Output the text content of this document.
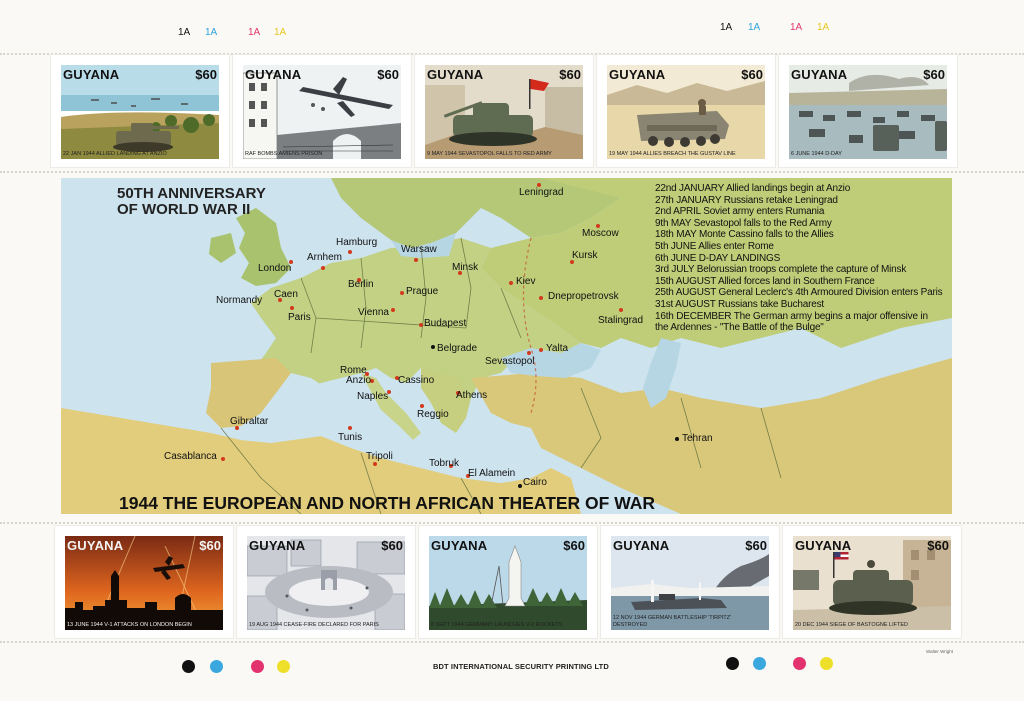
1A 1A	1A 1A	1A 1A	1A 1A
GUYANA	$60
22 JAN 1944 ALLIED LANDING AT ANZIO
GUYANA	$60
RAF BOMBS AMIENS PRISON
GUYANA	$60
9 MAY 1944 SEVASTOPOL FALLS TO RED ARMY
GUYANA	$60
19 MAY 1944 ALLIES BREACH THE GUSTAV LINE
GUYANA	$60
6 JUNE 1944 D-DAY
50TH ANNIVERSARY
OF WORLD WAR II
22nd JANUARY Allied landings begin at Anzio
27th JANUARY Russians retake Leningrad
2nd APRIL Soviet army enters Rumania
9th MAY Sevastopol falls to the Red Army
18th MAY Monte Cassino falls to the Allies
5th JUNE Allies enter Rome
6th JUNE D-DAY LANDINGS
3rd JULY Belorussian troops complete the capture of Minsk
15th AUGUST Allied forces land in Southern France
25th AUGUST General Leclerc's 4th Armoured Division enters Paris
31st AUGUST Russians take Bucharest
16th DECEMBER The German army begins a major offensive in
the Ardennes - "The Battle of the Bulge"
Leningrad
Moscow
London
Hamburg
Arnhem
Warsaw
Minsk
Kursk
Kiev
Berlin
Prague
Caen
Normandy
Paris	Vienna
Dnepropetrovsk
Stalingrad
Budapest
Belgrade	Yalta
Sevastopol
Rome
Anzio	Cassino
Naples	Athens
Reggio
Gibraltar
Tunis
Tripoli
Casablanca
Tobruk
El Alamein
Cairo
Tehran
1944 THE EUROPEAN AND NORTH AFRICAN THEATER OF WAR
GUYANA	$60
13 JUNE 1944 V-1 ATTACKS ON LONDON BEGIN
GUYANA	$60
19 AUG 1944 CEASE-FIRE DECLARED FOR PARIS
GUYANA	$60
8 SEPT 1944 GERMANY LAUNCHES V-2 ROCKETS
GUYANA	$60
12 NOV 1944 GERMAN BATTLESHIP 'TIRPITZ' DESTROYED
GUYANA	$60
20 DEC 1944 SIEGE OF BASTOGNE LIFTED
BDT INTERNATIONAL SECURITY PRINTING LTD
Walter Wright
